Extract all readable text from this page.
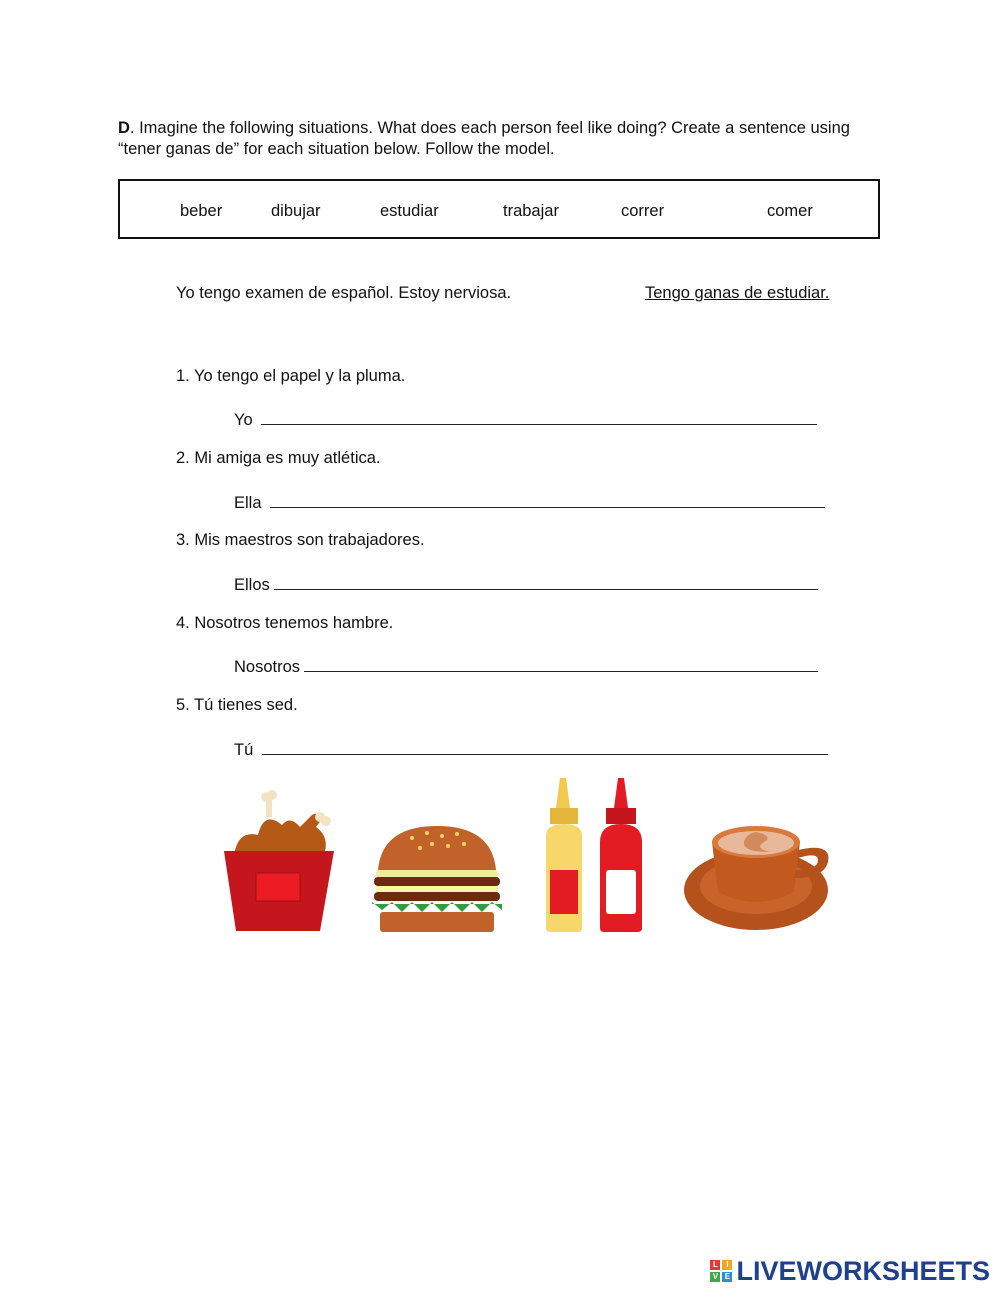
D. Imagine the following situations. What does each person feel like doing? Create a sentence using “tener ganas de” for each situation below. Follow the model.
beber	dibujar	estudiar	trabajar	correr	comer
Yo tengo examen de español. Estoy nerviosa.	Tengo ganas de estudiar.
1. Yo tengo el papel y la pluma.
Yo
2. Mi amiga es muy atlética.
Ella
3. Mis maestros son trabajadores.
Ellos
4. Nosotros tenemos hambre.
Nosotros
5. Tú tienes sed.
Tú
L	I
V E LIVEWORKSHEETS
